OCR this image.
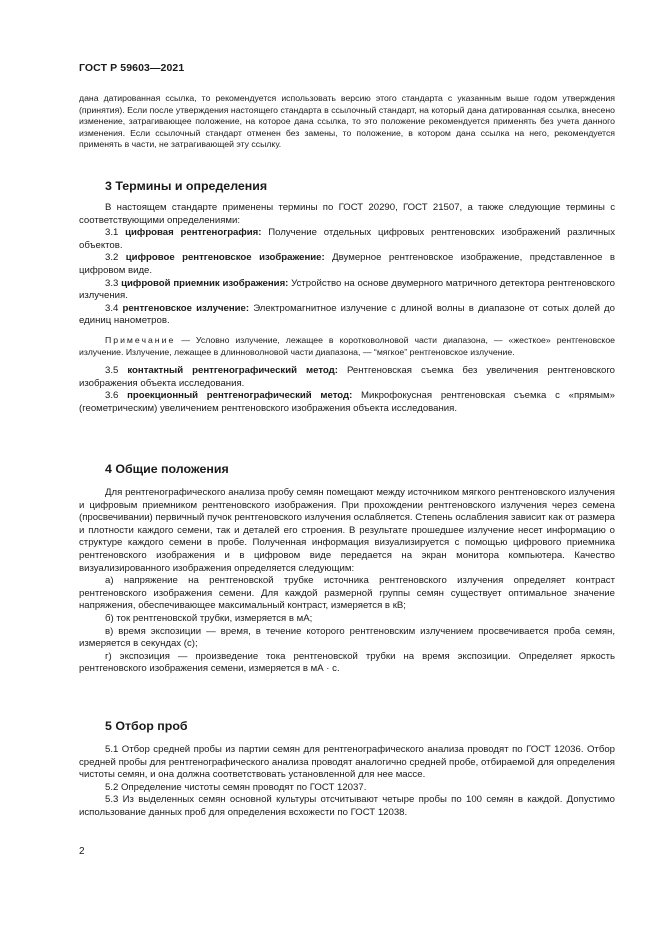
ГОСТ Р 59603—2021

дана датированная ссылка, то рекомендуется использовать версию этого стандарта с указанным выше годом утверждения (принятия). Если после утверждения настоящего стандарта в ссылочный стандарт, на который дана датированная ссылка, внесено изменение, затрагивающее положение, на которое дана ссылка, то это положение рекомендуется применять без учета данного изменения. Если ссылочный стандарт отменен без замены, то положение, в котором дана ссылка на него, рекомендуется применять в части, не затрагивающей эту ссылку.

3 Термины и определения

В настоящем стандарте применены термины по ГОСТ 20290, ГОСТ 21507, а также следующие термины с соответствующими определениями:

3.1 цифровая рентгенография: Получение отдельных цифровых рентгеновских изображений различных объектов.

3.2 цифровое рентгеновское изображение: Двумерное рентгеновское изображение, представленное в цифровом виде.

3.3 цифровой приемник изображения: Устройство на основе двумерного матричного детектора рентгеновского излучения.

3.4 рентгеновское излучение: Электромагнитное излучение с длиной волны в диапазоне от сотых долей до единиц нанометров.

Примечание — Условно излучение, лежащее в коротковолновой части диапазона, — «жесткое» рентгеновское излучение. Излучение, лежащее в длинноволновой части диапазона, — “мягкое” рентгеновское излучение.

3.5 контактный рентгенографический метод: Рентгеновская съемка без увеличения рентгеновского изображения объекта исследования.

3.6 проекционный рентгенографический метод: Микрофокусная рентгеновская съемка с «прямым» (геометрическим) увеличением рентгеновского изображения объекта исследования.

4 Общие положения

Для рентгенографического анализа пробу семян помещают между источником мягкого рентгеновского излучения и цифровым приемником рентгеновского изображения. При прохождении рентгеновского излучения через семена (просвечивании) первичный пучок рентгеновского излучения ослабляется. Степень ослабления зависит как от размера и плотности каждого семени, так и деталей его строения. В результате прошедшее излучение несет информацию о структуре каждого семени в пробе. Полученная информация визуализируется с помощью цифрового приемника рентгеновского изображения и в цифровом виде передается на экран монитора компьютера. Качество визуализированного изображения определяется следующим:

а) напряжение на рентгеновской трубке источника рентгеновского излучения определяет контраст рентгеновского изображения семени. Для каждой размерной группы семян существует оптимальное значение напряжения, обеспечивающее максимальный контраст, измеряется в кВ;

б) ток рентгеновской трубки, измеряется в мА;

в) время экспозиции — время, в течение которого рентгеновским излучением просвечивается проба семян, измеряется в секундах (с);

г) экспозиция — произведение тока рентгеновской трубки на время экспозиции. Определяет яркость рентгеновского изображения семени, измеряется в мА · с.

5 Отбор проб

5.1 Отбор средней пробы из партии семян для рентгенографического анализа проводят по ГОСТ 12036. Отбор средней пробы для рентгенографического анализа проводят аналогично средней пробе, отбираемой для определения чистоты семян, и она должна соответствовать установленной для нее массе.

5.2 Определение чистоты семян проводят по ГОСТ 12037.

5.3 Из выделенных семян основной культуры отсчитывают четыре пробы по 100 семян в каждой. Допустимо использование данных проб для определения всхожести по ГОСТ 12038.

2
